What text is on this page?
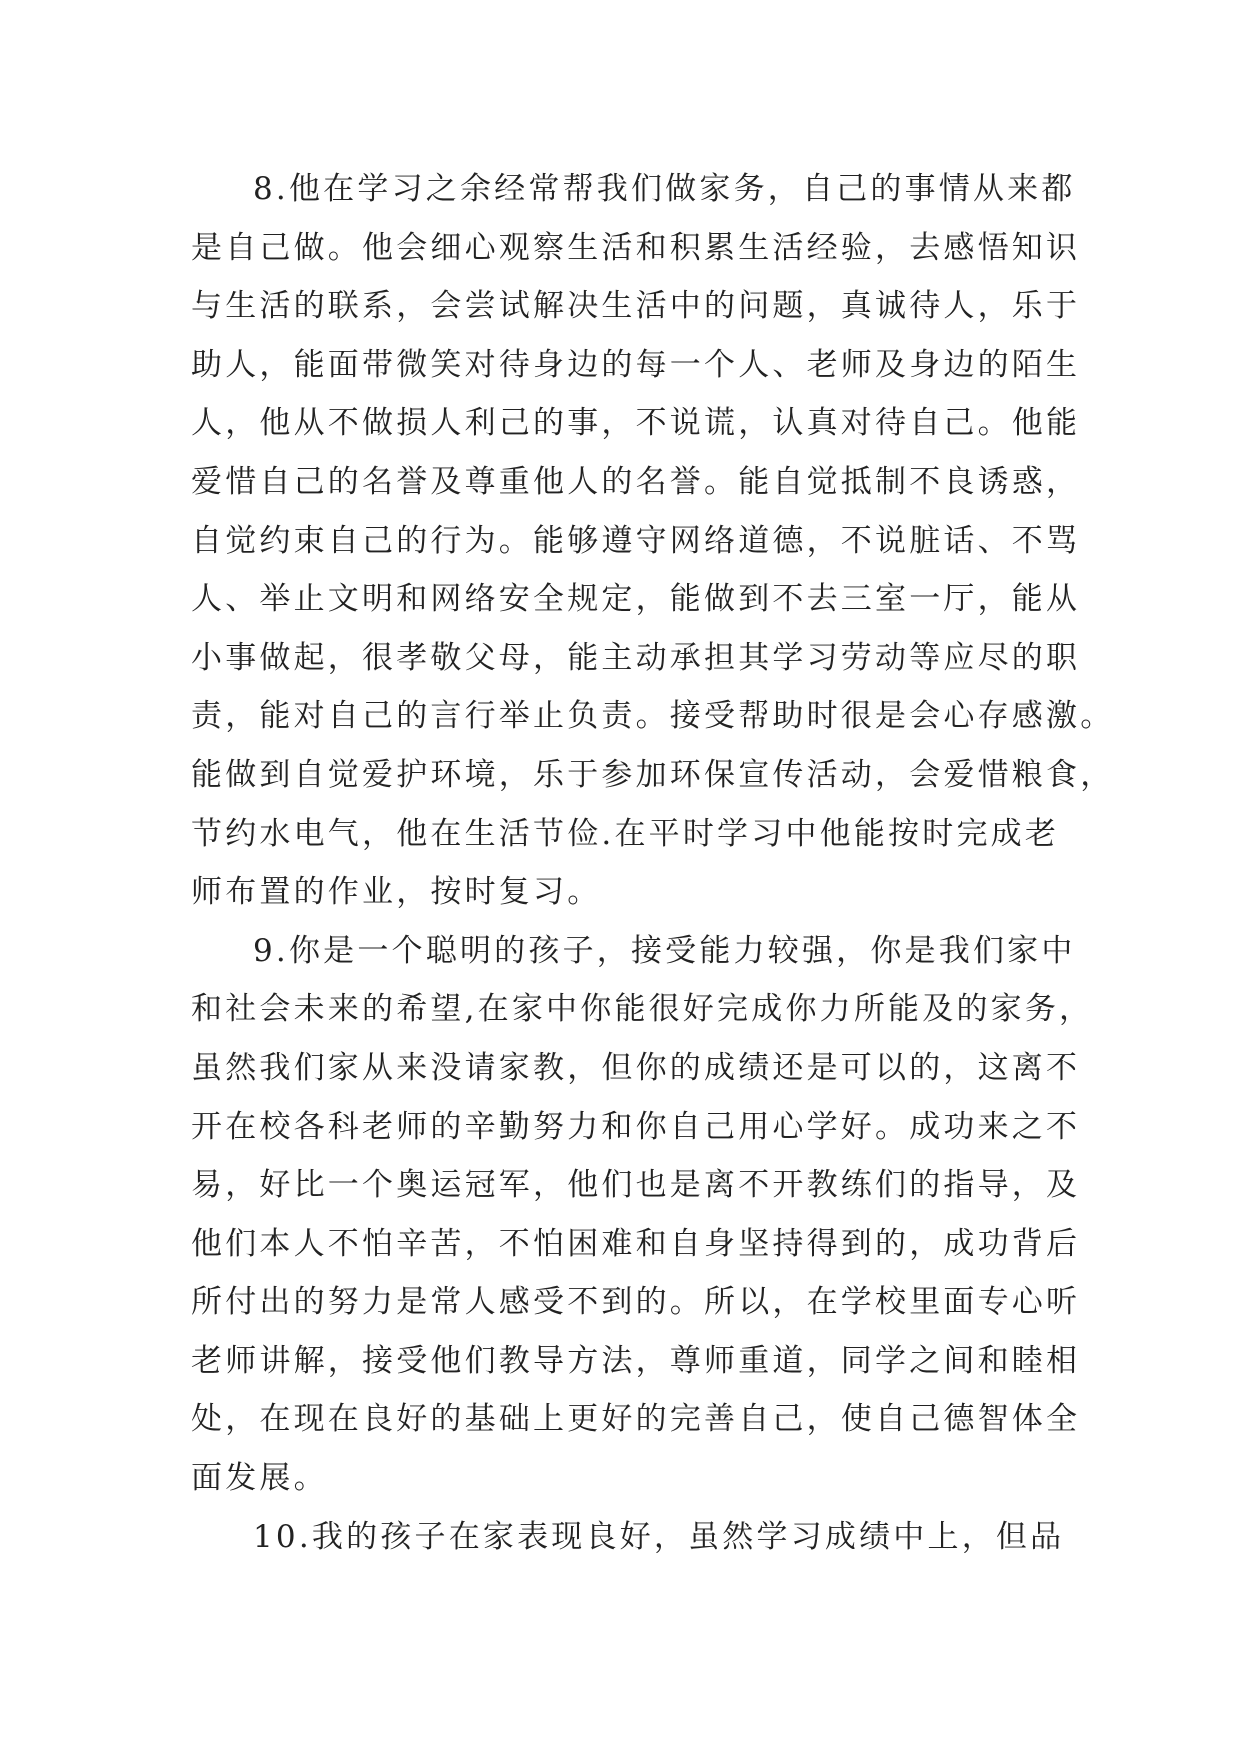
8.他在学习之余经常帮我们做家务，自己的事情从来都
是自己做。他会细心观察生活和积累生活经验，去感悟知识
与生活的联系，会尝试解决生活中的问题，真诚待人，乐于
助人，能面带微笑对待身边的每一个人、老师及身边的陌生
人，他从不做损人利己的事，不说谎，认真对待自己。他能
爱惜自己的名誉及尊重他人的名誉。能自觉抵制不良诱惑，
自觉约束自己的行为。能够遵守网络道德，不说脏话、不骂
人、举止文明和网络安全规定，能做到不去三室一厅，能从
小事做起，很孝敬父母，能主动承担其学习劳动等应尽的职
责，能对自己的言行举止负责。接受帮助时很是会心存感激。
能做到自觉爱护环境，乐于参加环保宣传活动，会爱惜粮食，
节约水电气，他在生活节俭.在平时学习中他能按时完成老
师布置的作业，按时复习。

9.你是一个聪明的孩子，接受能力较强，你是我们家中
和社会未来的希望,在家中你能很好完成你力所能及的家务，
虽然我们家从来没请家教，但你的成绩还是可以的，这离不
开在校各科老师的辛勤努力和你自己用心学好。成功来之不
易，好比一个奥运冠军，他们也是离不开教练们的指导，及
他们本人不怕辛苦，不怕困难和自身坚持得到的，成功背后
所付出的努力是常人感受不到的。所以，在学校里面专心听
老师讲解，接受他们教导方法，尊师重道，同学之间和睦相
处，在现在良好的基础上更好的完善自己，使自己德智体全
面发展。

10.我的孩子在家表现良好，虽然学习成绩中上，但品
